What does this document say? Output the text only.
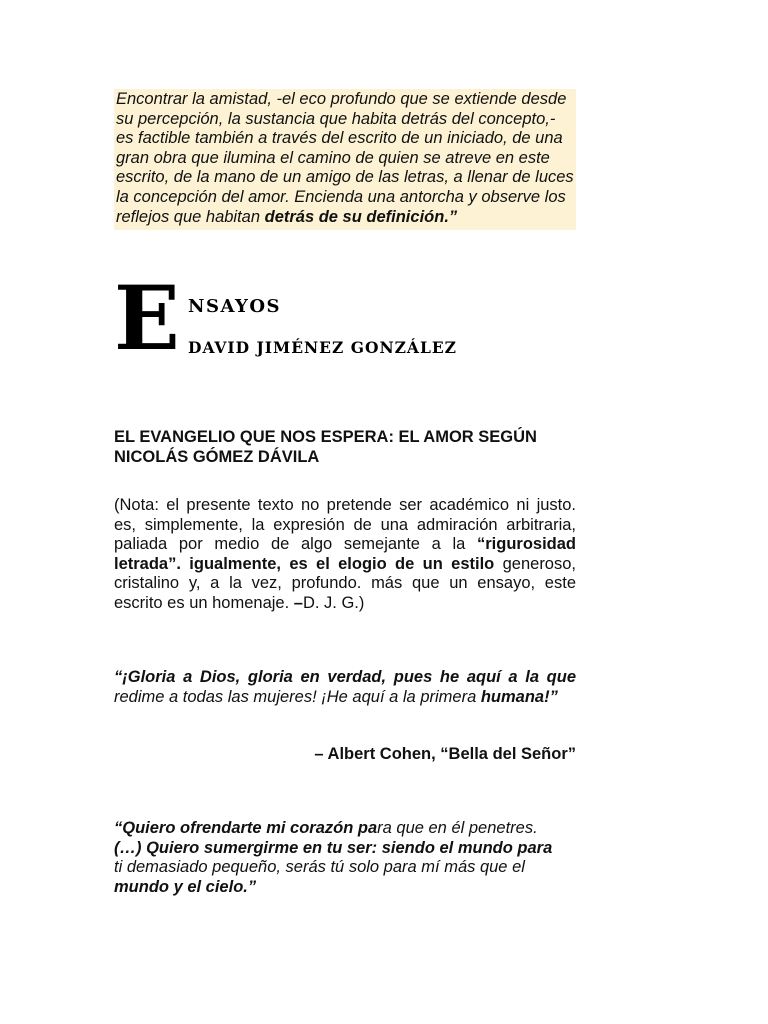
Encontrar la amistad, -el eco profundo que se extiende desde su percepción, la sustancia que habita detrás del concepto,- es factible también a través del escrito de un iniciado, de una gran obra que ilumina el camino de quien se atreve en este escrito, de la mano de un amigo de las letras, a llenar de luces la concepción del amor. Encienda una antorcha y observe los reflejos que habitan detrás de su definición.”
E NSAYOS
DAVID JIMÉNEZ GONZÁLEZ
EL EVANGELIO QUE NOS ESPERA: EL AMOR SEGÚN NICOLÁS GÓMEZ DÁVILA
(Nota: el presente texto no pretende ser académico ni justo. es, simplemente, la expresión de una admiración arbitraria, paliada por medio de algo semejante a la “rigurosidad letrada”. igualmente, es el elogio de un estilo generoso, cristalino y, a la vez, profundo. más que un ensayo, este escrito es un homenaje. –D. J. G.)
“¡Gloria a Dios, gloria en verdad, pues he aquí a la que redime a todas las mujeres! ¡He aquí a la primera humana!”
– Albert Cohen, “Bella del Señor”
“Quiero ofrendarte mi corazón para que en él penetres.
(…) Quiero sumergirme en tu ser: siendo el mundo para
ti demasiado pequeño, serás tú solo para mí más que el
mundo y el cielo.”
